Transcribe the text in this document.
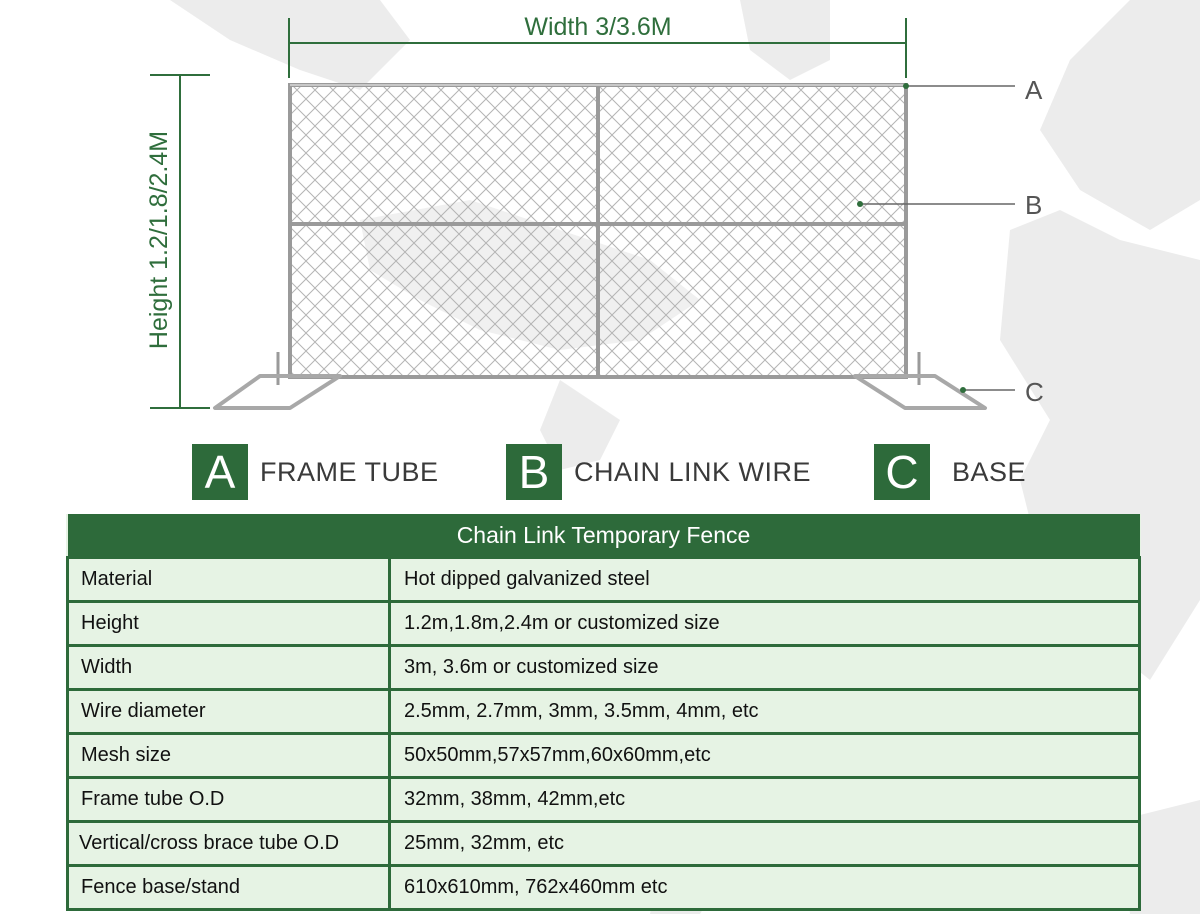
Width 3/3.6M
Height 1.2/1.8/2.4M
A
B
C
A FRAME TUBE B CHAIN LINK WIRE C	BASE
Chain Link Temporary Fence	
Material	Hot dipped galvanized steel
Height	1.2m,1.8m,2.4m or customized size
Width	3m, 3.6m or customized size
Wire diameter	2.5mm, 2.7mm, 3mm, 3.5mm, 4mm, etc
Mesh size	50x50mm,57x57mm,60x60mm,etc
Frame tube O.D	32mm, 38mm, 42mm,etc
Vertical/cross brace tube O.D	25mm, 32mm, etc
Fence base/stand	610x610mm, 762x460mm etc
